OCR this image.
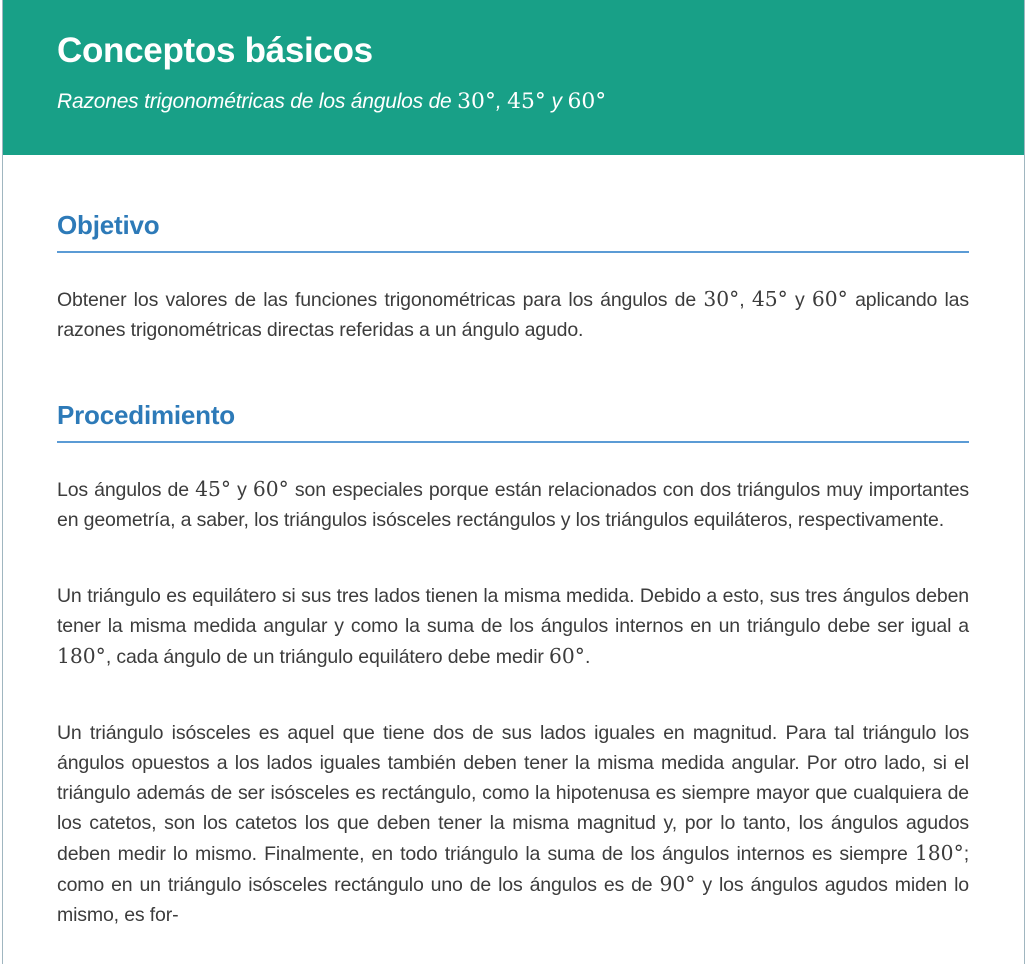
Conceptos básicos

Razones trigonométricas de los ángulos de 30°, 45° y 60°

Objetivo

Obtener los valores de las funciones trigonométricas para los ángulos de 30°, 45° y 60° aplicando las razones trigonométricas directas referidas a un ángulo agudo.

Procedimiento

Los ángulos de 45° y 60° son especiales porque están relacionados con dos triángulos muy importantes en geometría, a saber, los triángulos isósceles rectángulos y los triángulos equiláteros, respectivamente.

Un triángulo es equilátero si sus tres lados tienen la misma medida. Debido a esto, sus tres ángulos deben tener la misma medida angular y como la suma de los ángulos internos en un triángulo debe ser igual a 180°, cada ángulo de un triángulo equilátero debe medir 60°.

Un triángulo isósceles es aquel que tiene dos de sus lados iguales en magnitud. Para tal triángulo los ángulos opuestos a los lados iguales también deben tener la misma medida angular. Por otro lado, si el triángulo además de ser isósceles es rectángulo, como la hipotenusa es siempre mayor que cualquiera de los catetos, son los catetos los que deben tener la misma magnitud y, por lo tanto, los ángulos agudos deben medir lo mismo. Finalmente, en todo triángulo la suma de los ángulos internos es siempre 180°; como en un triángulo isósceles rectángulo uno de los ángulos es de 90° y los ángulos agudos miden lo mismo, es for-
